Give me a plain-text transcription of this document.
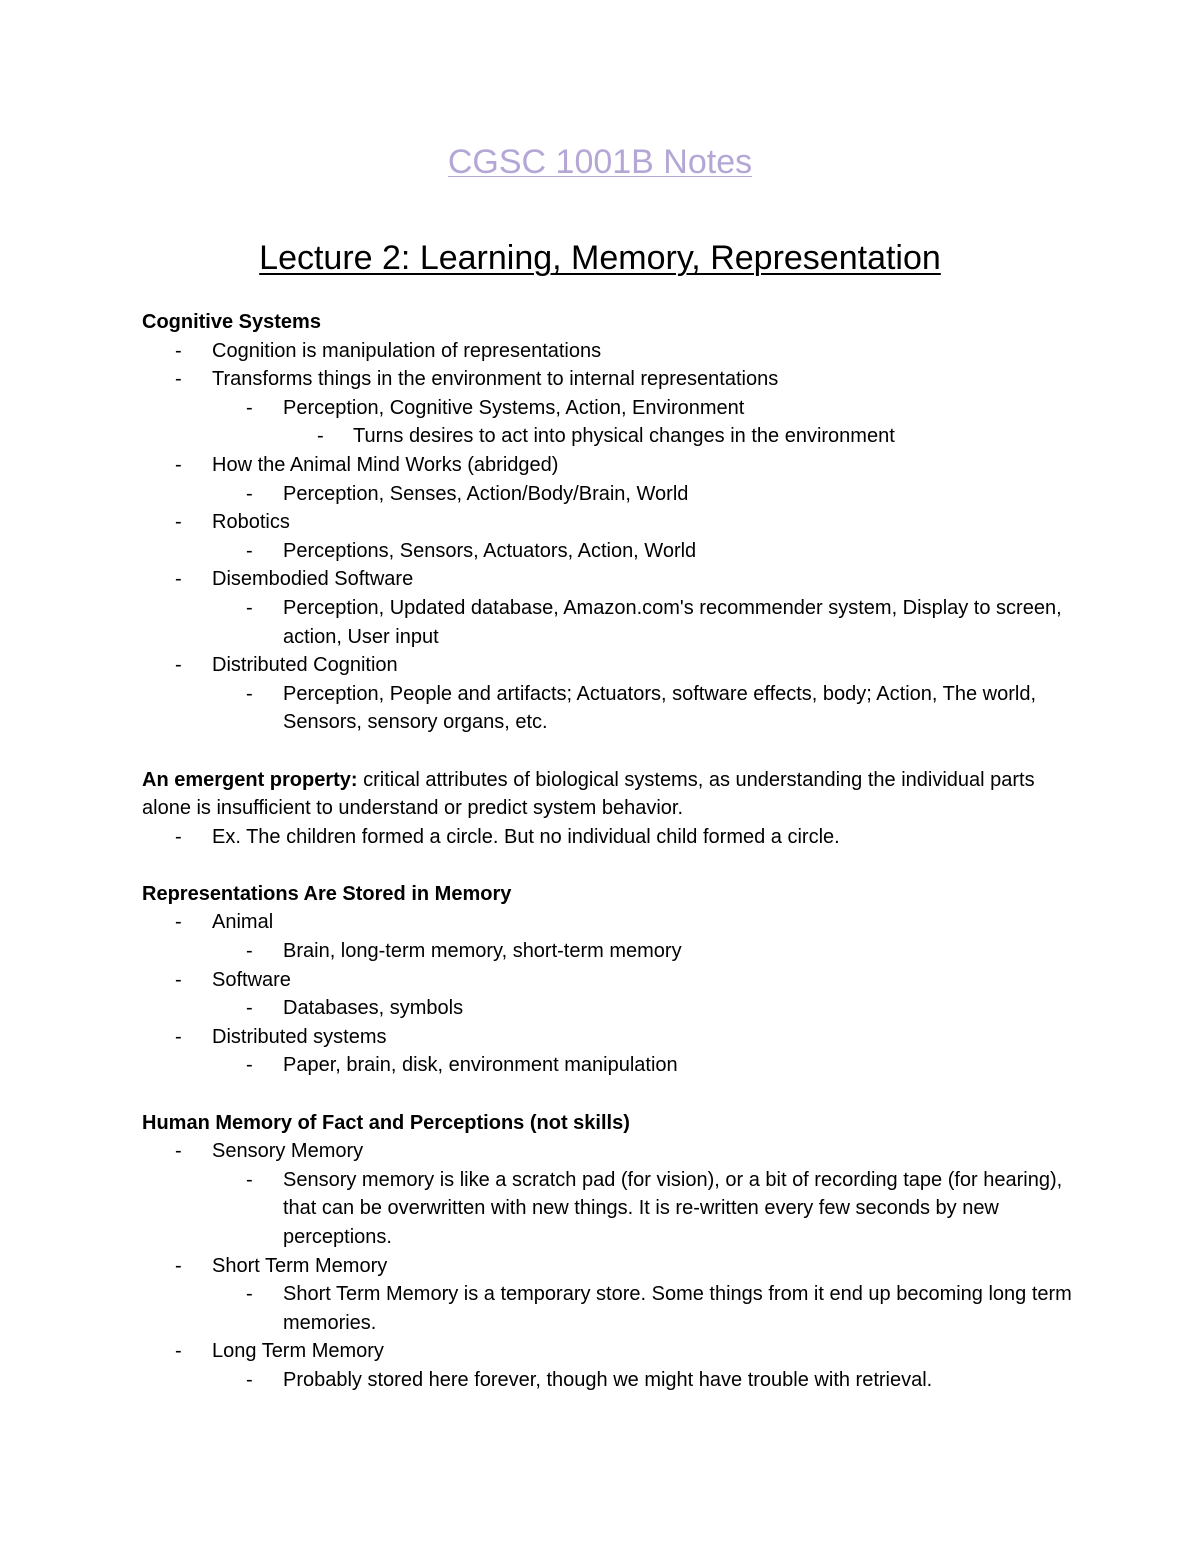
CGSC 1001B Notes
Lecture 2: Learning, Memory, Representation

Cognitive Systems

- Cognition is manipulation of representations
- Transforms things in the environment to internal representations
- Perception, Cognitive Systems, Action, Environment
- Turns desires to act into physical changes in the environment
- How the Animal Mind Works (abridged)
- Perception, Senses, Action/Body/Brain, World
- Robotics
- Perceptions, Sensors, Actuators, Action, World
- Disembodied Software
- Perception, Updated database, Amazon.com's recommender system, Display to screen, action, User input
- Distributed Cognition
- Perception, People and artifacts; Actuators, software effects, body; Action, The world, Sensors, sensory organs, etc.

An emergent property: critical attributes of biological systems, as understanding the individual parts alone is insufficient to understand or predict system behavior.

- Ex. The children formed a circle. But no individual child formed a circle.

Representations Are Stored in Memory

- Animal
- Brain, long-term memory, short-term memory
- Software
- Databases, symbols
- Distributed systems
- Paper, brain, disk, environment manipulation

Human Memory of Fact and Perceptions (not skills)

- Sensory Memory
- Sensory memory is like a scratch pad (for vision), or a bit of recording tape (for hearing), that can be overwritten with new things. It is re-written every few seconds by new perceptions.
- Short Term Memory
- Short Term Memory is a temporary store. Some things from it end up becoming long term memories.
- Long Term Memory
- Probably stored here forever, though we might have trouble with retrieval.
